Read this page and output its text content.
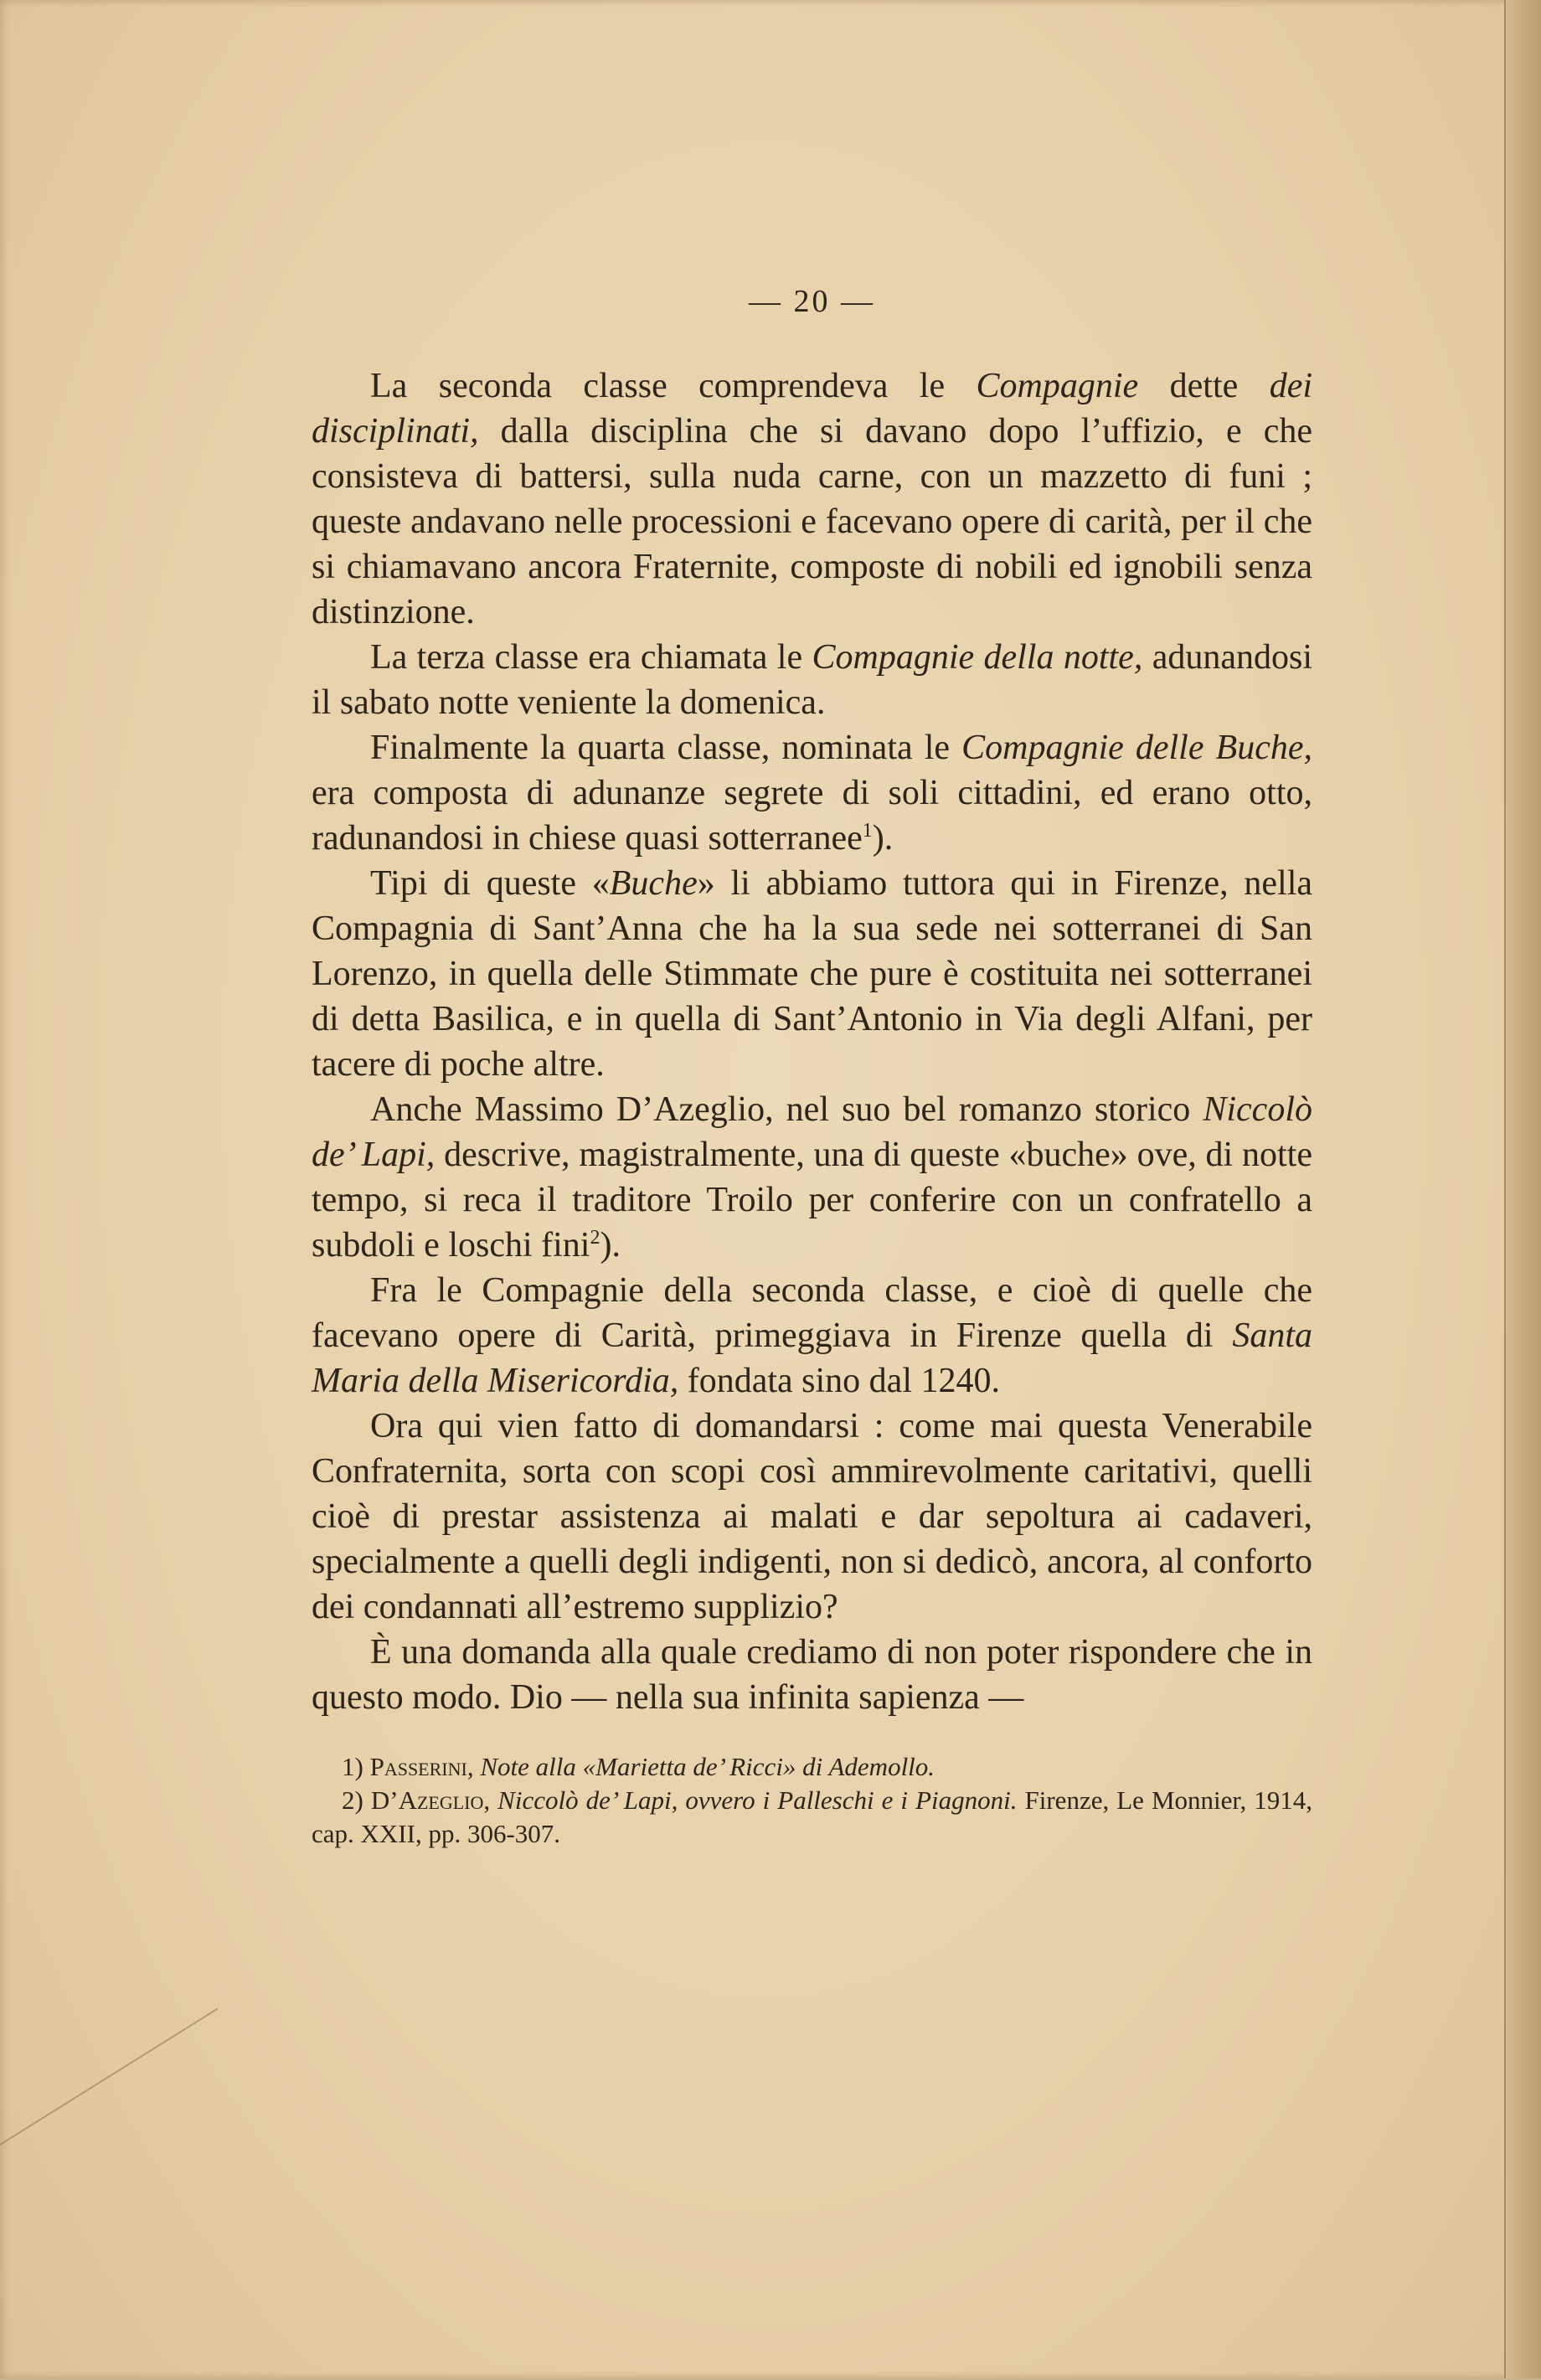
— 20 —

La seconda classe comprendeva le Compagnie dette dei disciplinati, dalla disciplina che si davano dopo l’uffizio, e che consisteva di battersi, sulla nuda carne, con un mazzetto di funi ; queste andavano nelle processioni e facevano opere di carità, per il che si chiamavano ancora Fraternite, composte di nobili ed ignobili senza distinzione.

La terza classe era chiamata le Compagnie della notte, adunandosi il sabato notte veniente la domenica.

Finalmente la quarta classe, nominata le Compagnie delle Buche, era composta di adunanze segrete di soli cittadini, ed erano otto, radunandosi in chiese quasi sotterranee$^1$).

Tipi di queste «Buche» li abbiamo tuttora qui in Firenze, nella Compagnia di Sant’Anna che ha la sua sede nei sotterranei di San Lorenzo, in quella delle Stimmate che pure è costituita nei sotterranei di detta Basilica, e in quella di Sant’Antonio in Via degli Alfani, per tacere di poche altre.

Anche Massimo D’Azeglio, nel suo bel romanzo storico Niccolò de’ Lapi, descrive, magistralmente, una di queste «buche» ove, di notte tempo, si reca il traditore Troilo per conferire con un confratello a subdoli e loschi fini$^2$).

Fra le Compagnie della seconda classe, e cioè di quelle che facevano opere di Carità, primeggiava in Firenze quella di Santa Maria della Misericordia, fondata sino dal 1240.

Ora qui vien fatto di domandarsi : come mai questa Venerabile Confraternita, sorta con scopi così ammirevolmente caritativi, quelli cioè di prestar assistenza ai malati e dar sepoltura ai cadaveri, specialmente a quelli degli indigenti, non si dedicò, ancora, al conforto dei condannati all’estremo supplizio?

È una domanda alla quale crediamo di non poter rispondere che in questo modo. Dio — nella sua infinita sapienza —

1) Passerini, Note alla «Marietta de’ Ricci» di Ademollo.

2) D’Azeglio, Niccolò de’ Lapi, ovvero i Palleschi e i Piagnoni. Firenze, Le Monnier, 1914, cap. XXII, pp. 306-307.
